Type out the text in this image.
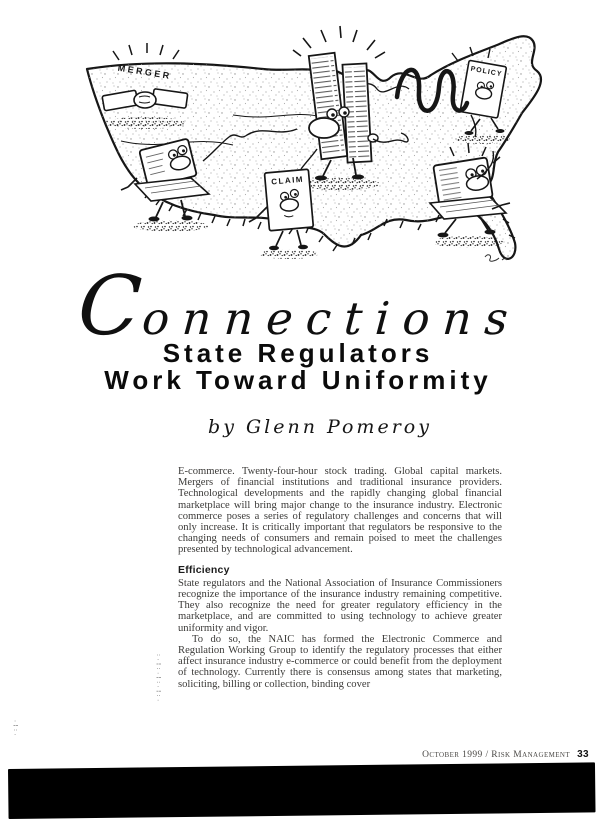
MERGER
CLAIM
POLICY
Connections
State Regulators
Work Toward Uniformity
by Glenn Pomeroy

E-commerce. Twenty-four-hour stock trading. Global capital markets. Mergers of financial institutions and traditional insurance providers. Technological developments and the rapidly changing global financial marketplace will bring major change to the insurance industry. Electronic commerce poses a series of regulatory challenges and concerns that will only increase. It is critically important that regulators be responsive to the changing needs of consumers and remain poised to meet the challenges presented by technological advancement.

Efficiency

State regulators and the National Association of Insurance Commissioners recognize the importance of the insurance industry remaining competitive. They also recognize the need for greater regulatory efficiency in the marketplace, and are committed to using technology to achieve greater uniformity and vigor.

To do so, the NAIC has formed the Electronic Commerce and Regulation Working Group to identify the regulatory processes that either affect insurance industry e-commerce or could benefit from the deployment of technology. Currently there is consensus among states that marketing, soliciting, billing or collection, binding cover

·:¦·:¦·:¦·:
·:¦·
October 1999 / Risk Management 33
